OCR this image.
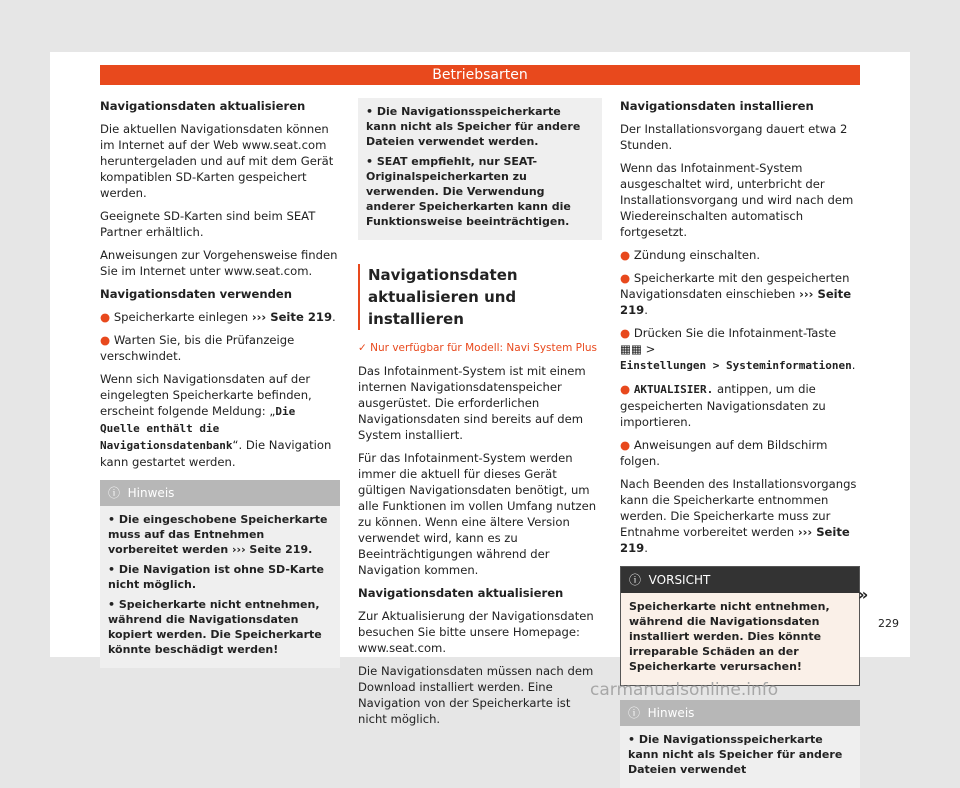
Betriebsarten

Navigationsdaten aktualisieren

Die aktuellen Navigationsdaten können im Internet auf der Web www.seat.com heruntergeladen und auf mit dem Gerät kompatiblen SD-Karten gespeichert werden.

Geeignete SD-Karten sind beim SEAT Partner erhältlich.

Anweisungen zur Vorgehensweise finden Sie im Internet unter www.seat.com.

Navigationsdaten verwenden

● Speicherkarte einlegen ››› Seite 219.

● Warten Sie, bis die Prüfanzeige verschwindet.

Wenn sich Navigationsdaten auf der eingelegten Speicherkarte befinden, erscheint folgende Meldung: „Die Quelle enthält die Navigationsdatenbank“. Die Navigation kann gestartet werden.

ⓘ Hinweis

• Die eingeschobene Speicherkarte muss auf das Entnehmen vorbereitet werden ››› Seite 219.

• Die Navigation ist ohne SD-Karte nicht möglich.

• Speicherkarte nicht entnehmen, während die Navigationsdaten kopiert werden. Die Speicherkarte könnte beschädigt werden!

• Die Navigationsspeicherkarte kann nicht als Speicher für andere Dateien verwendet werden.

• SEAT empfiehlt, nur SEAT-Originalspeicherkarten zu verwenden. Die Verwendung anderer Speicherkarten kann die Funktionsweise beeinträchtigen.

Navigationsdaten aktualisieren und installieren

✓ Nur verfügbar für Modell: Navi System Plus

Das Infotainment-System ist mit einem internen Navigationsdatenspeicher ausgerüstet. Die erforderlichen Navigationsdaten sind bereits auf dem System installiert.

Für das Infotainment-System werden immer die aktuell für dieses Gerät gültigen Navigationsdaten benötigt, um alle Funktionen im vollen Umfang nutzen zu können. Wenn eine ältere Version verwendet wird, kann es zu Beeinträchtigungen während der Navigation kommen.

Navigationsdaten aktualisieren

Zur Aktualisierung der Navigationsdaten besuchen Sie bitte unsere Homepage: www.seat.com.

Die Navigationsdaten müssen nach dem Download installiert werden. Eine Navigation von der Speicherkarte ist nicht möglich.

Navigationsdaten installieren

Der Installationsvorgang dauert etwa 2 Stunden.

Wenn das Infotainment-System ausgeschaltet wird, unterbricht der Installationsvorgang und wird nach dem Wiedereinschalten automatisch fortgesetzt.

● Zündung einschalten.

● Speicherkarte mit den gespeicherten Navigationsdaten einschieben ››› Seite 219.

● Drücken Sie die Infotainment-Taste ▦▦ >
Einstellungen > Systeminformationen.

● AKTUALISIER. antippen, um die gespeicherten Navigationsdaten zu importieren.

● Anweisungen auf dem Bildschirm folgen.

Nach Beenden des Installationsvorgangs kann die Speicherkarte entnommen werden. Die Speicherkarte muss zur Entnahme vorbereitet werden ››› Seite 219.

ⓘ VORSICHT

Speicherkarte nicht entnehmen, während die Navigationsdaten installiert werden. Dies könnte irreparable Schäden an der Speicherkarte verursachen!

ⓘ Hinweis

• Die Navigationsspeicherkarte kann nicht als Speicher für andere Dateien verwendet

»
229
carmanualsonline.info
